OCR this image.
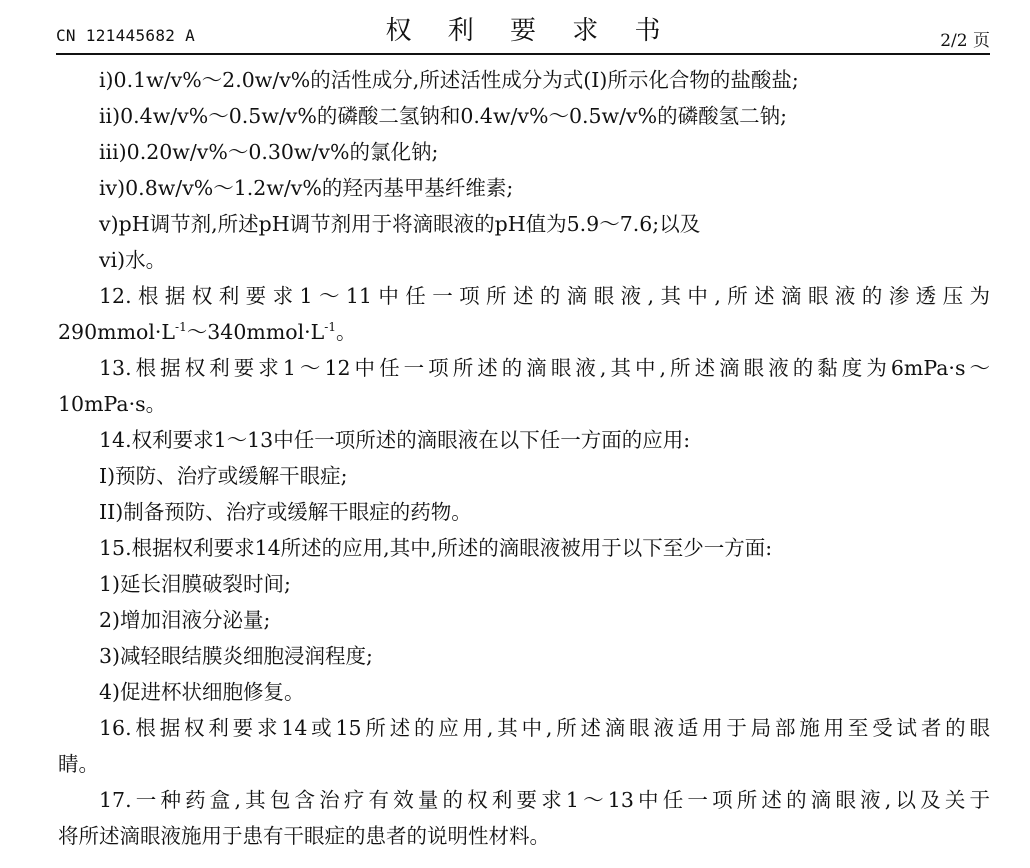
CN 121445682 A	权 利 要 求 书	2/2 页

i)0.1w/v%～2.0w/v%的活性成分,所述活性成分为式(I)所示化合物的盐酸盐;

ii)0.4w/v%～0.5w/v%的磷酸二氢钠和0.4w/v%～0.5w/v%的磷酸氢二钠;

iii)0.20w/v%～0.30w/v%的氯化钠;

iv)0.8w/v%～1.2w/v%的羟丙基甲基纤维素;

v)pH调节剂,所述pH调节剂用于将滴眼液的pH值为5.9～7.6;以及

vi)水。

12.根据权利要求1～11中任一项所述的滴眼液,其中,所述滴眼液的渗透压为

$290mmol\cdot L^{-1}\sim 340mmol\cdot L^{-1}$。

13.根据权利要求1～12中任一项所述的滴眼液,其中,所述滴眼液的黏度为6mPa·s～

10mPa·s。

14.权利要求1～13中任一项所述的滴眼液在以下任一方面的应用:

I)预防、治疗或缓解干眼症;

II)制备预防、治疗或缓解干眼症的药物。

15.根据权利要求14所述的应用,其中,所述的滴眼液被用于以下至少一方面:

1)延长泪膜破裂时间;

2)增加泪液分泌量;

3)减轻眼结膜炎细胞浸润程度;

4)促进杯状细胞修复。

16.根据权利要求14或15所述的应用,其中,所述滴眼液适用于局部施用至受试者的眼

睛。

17.一种药盒,其包含治疗有效量的权利要求1～13中任一项所述的滴眼液,以及关于

将所述滴眼液施用于患有干眼症的患者的说明性材料。
